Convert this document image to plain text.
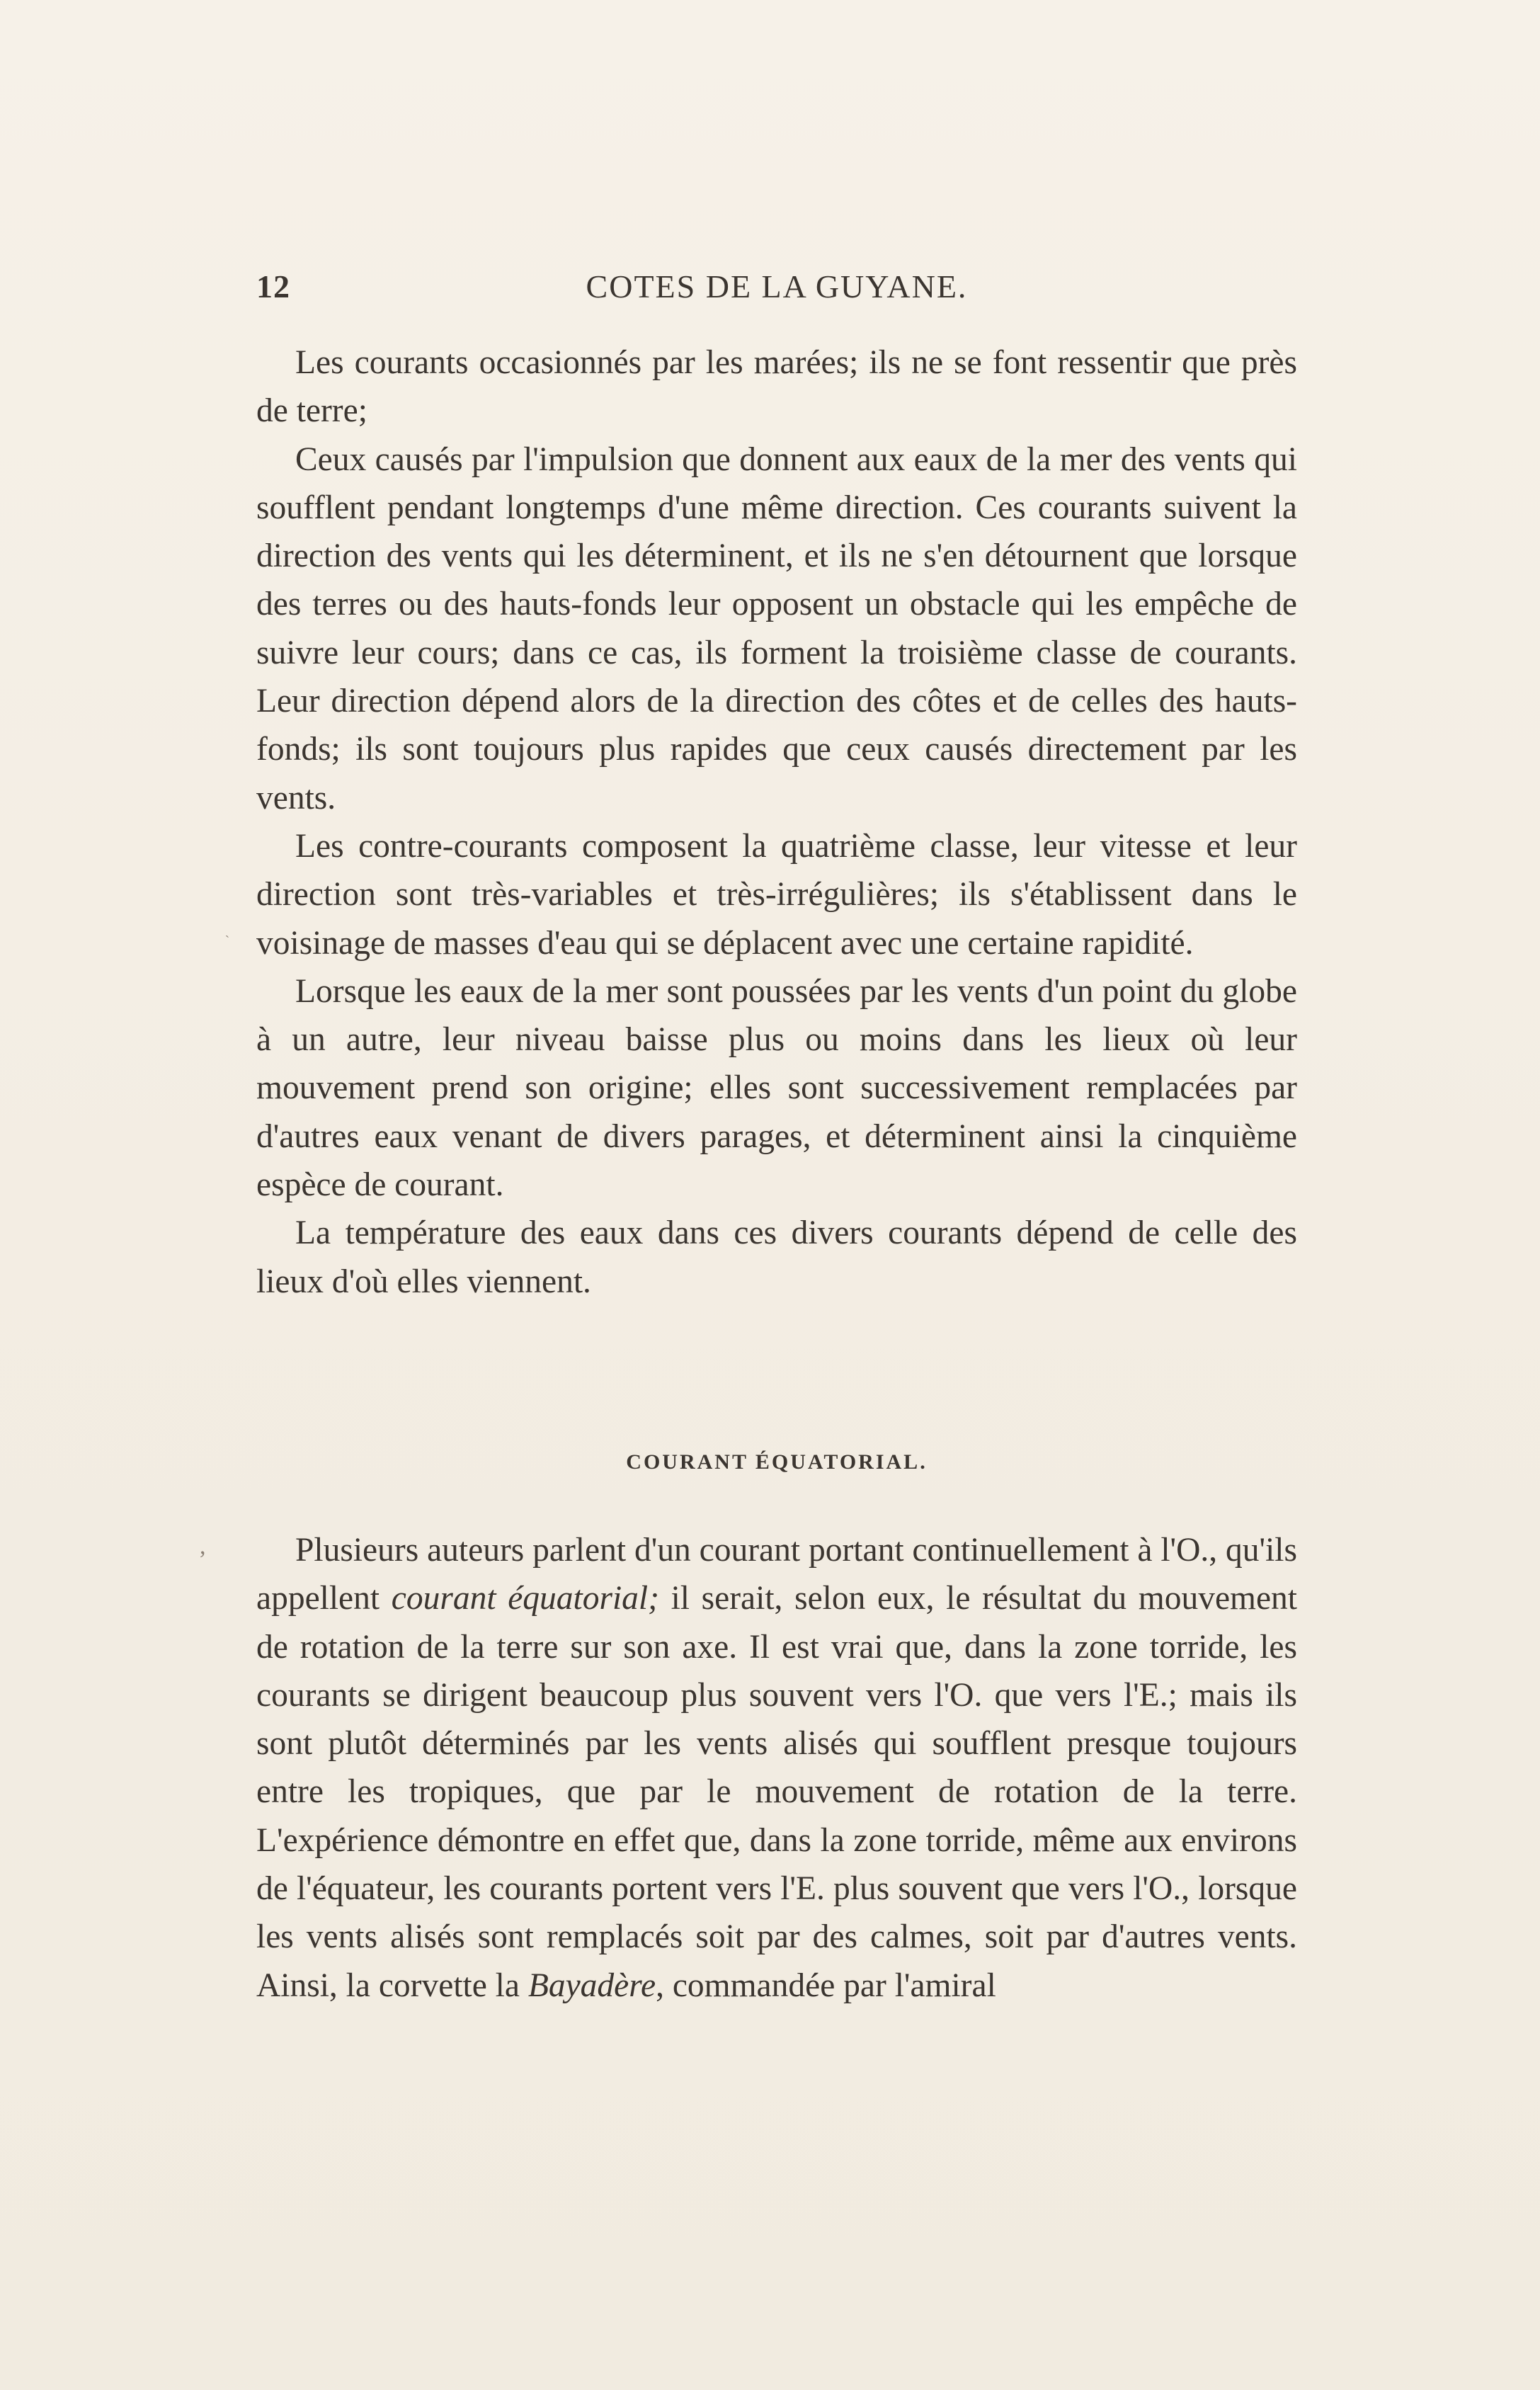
12	COTES DE LA GUYANE.

Les courants occasionnés par les marées; ils ne se font ressentir que près de terre;

Ceux causés par l'impulsion que donnent aux eaux de la mer des vents qui soufflent pendant longtemps d'une même direction. Ces courants suivent la direction des vents qui les déterminent, et ils ne s'en détournent que lorsque des terres ou des hauts-fonds leur opposent un obstacle qui les empêche de suivre leur cours; dans ce cas, ils forment la troisième classe de courants. Leur direction dépend alors de la direction des côtes et de celles des hauts-fonds; ils sont toujours plus rapides que ceux causés directement par les vents.

Les contre-courants composent la quatrième classe, leur vitesse et leur direction sont très-variables et très-irrégulières; ils s'établissent dans le voisinage de masses d'eau qui se déplacent avec une certaine rapidité.

Lorsque les eaux de la mer sont poussées par les vents d'un point du globe à un autre, leur niveau baisse plus ou moins dans les lieux où leur mouvement prend son origine; elles sont successivement remplacées par d'autres eaux venant de divers parages, et déterminent ainsi la cinquième espèce de courant.

La température des eaux dans ces divers courants dépend de celle des lieux d'où elles viennent.

COURANT ÉQUATORIAL.

Plusieurs auteurs parlent d'un courant portant continuellement à l'O., qu'ils appellent courant équatorial; il serait, selon eux, le résultat du mouvement de rotation de la terre sur son axe. Il est vrai que, dans la zone torride, les courants se dirigent beaucoup plus souvent vers l'O. que vers l'E.; mais ils sont plutôt déterminés par les vents alisés qui soufflent presque toujours entre les tropiques, que par le mouvement de rotation de la terre. L'expérience démontre en effet que, dans la zone torride, même aux environs de l'équateur, les courants portent vers l'E. plus souvent que vers l'O., lorsque les vents alisés sont remplacés soit par des calmes, soit par d'autres vents. Ainsi, la corvette la Bayadère, commandée par l'amiral

,
ˋ
